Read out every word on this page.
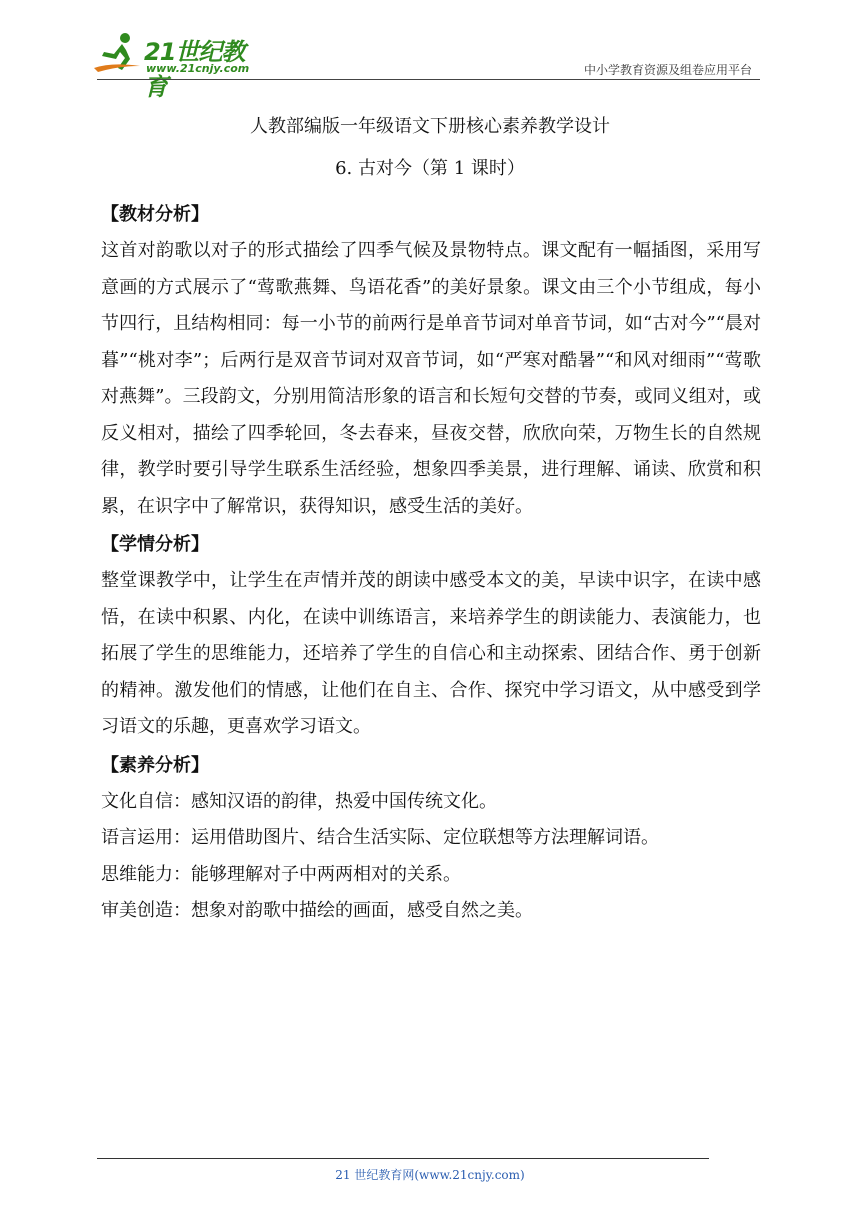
21世纪教育
www.21cnjy.com	中小学教育资源及组卷应用平台
人教部编版一年级语文下册核心素养教学设计
6. 古对今（第 1 课时）
【教材分析】
这首对韵歌以对子的形式描绘了四季气候及景物特点。课文配有一幅插图，采用写意画的方式展示了“莺歌燕舞、鸟语花香”的美好景象。课文由三个小节组成，每小节四行，且结构相同：每一小节的前两行是单音节词对单音节词，如“古对今”“晨对暮”“桃对李”；后两行是双音节词对双音节词，如“严寒对酷暑”“和风对细雨”“莺歌对燕舞”。三段韵文，分别用简洁形象的语言和长短句交替的节奏，或同义组对，或反义相对，描绘了四季轮回，冬去春来，昼夜交替，欣欣向荣，万物生长的自然规律，教学时要引导学生联系生活经验，想象四季美景，进行理解、诵读、欣赏和积累，在识字中了解常识，获得知识，感受生活的美好。
【学情分析】
整堂课教学中，让学生在声情并茂的朗读中感受本文的美，早读中识字，在读中感悟，在读中积累、内化，在读中训练语言，来培养学生的朗读能力、表演能力，也拓展了学生的思维能力，还培养了学生的自信心和主动探索、团结合作、勇于创新的精神。激发他们的情感，让他们在自主、合作、探究中学习语文，从中感受到学习语文的乐趣，更喜欢学习语文。
【素养分析】
文化自信：感知汉语的韵律，热爱中国传统文化。
语言运用：运用借助图片、结合生活实际、定位联想等方法理解词语。
思维能力：能够理解对子中两两相对的关系。
审美创造：想象对韵歌中描绘的画面，感受自然之美。
21 世纪教育网(www.21cnjy.com)
